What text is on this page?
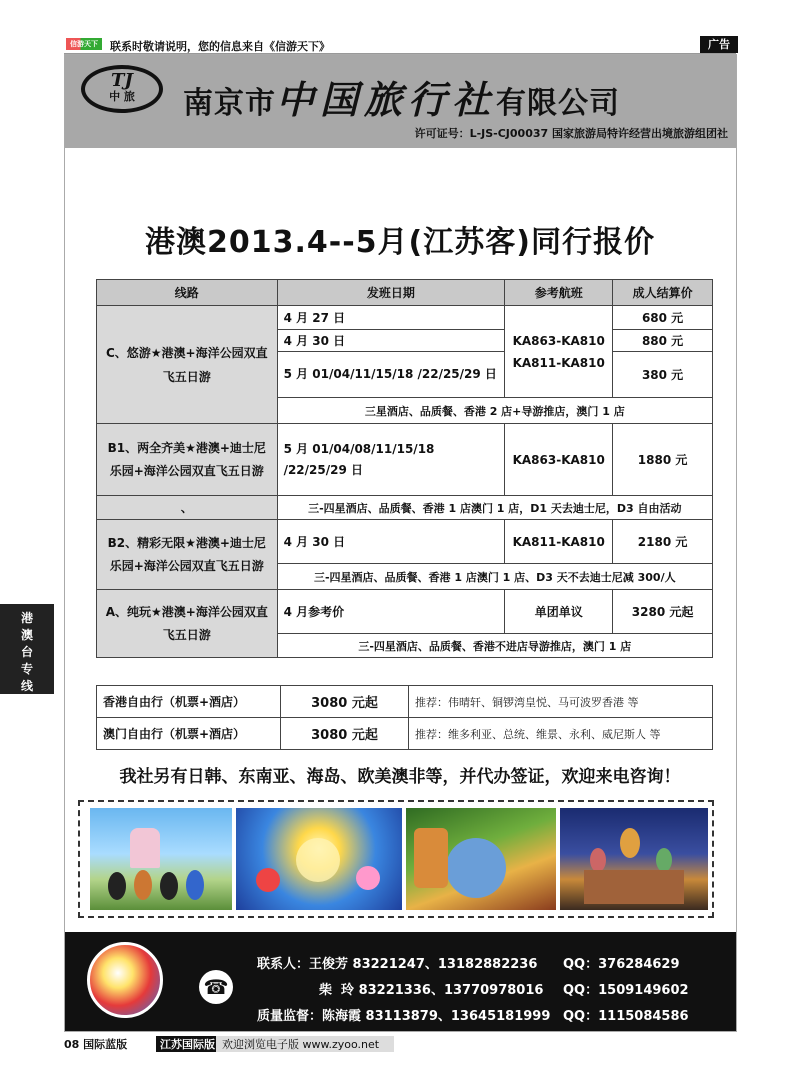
信游天下	联系时敬请说明，您的信息来自《信游天下》	广告
TJ
中 旅	南京市中国旅行社有限公司
许可证号：L-JS-CJ00037 国家旅游局特许经营出境旅游组团社
港澳2013.4--5月(江苏客)同行报价
线路	发班日期	参考航班	成人结算价
C、悠游★港澳+海洋公园双直飞五日游	4 月 27 日	KA863-KA810 KA811-KA810	680 元
	4 月 30 日		880 元
	5 月 01/04/11/15/18 /22/25/29 日		380 元
	三星酒店、品质餐、香港 2 店+导游推店，澳门 1 店		
B1、两全齐美★港澳+迪士尼乐园+海洋公园双直飞五日游	5 月 01/04/08/11/15/18 /22/25/29 日	KA863-KA810	1880 元
、	三-四星酒店、品质餐、香港 1 店澳门 1 店，D1 天去迪士尼，D3 自由活动		
B2、精彩无限★港澳+迪士尼乐园+海洋公园双直飞五日游	4 月 30 日	KA811-KA810	2180 元
	三-四星酒店、品质餐、香港 1 店澳门 1 店、D3 天不去迪士尼减 300/人		
A、纯玩★港澳+海洋公园双直飞五日游	4 月参考价	单团单议	3280 元起
	三-四星酒店、品质餐、香港不进店导游推店，澳门 1 店		
港澳台专线
香港自由行（机票+酒店）	3080 元起	推荐：伟晴轩、铜锣湾皇悦、马可波罗香港 等
澳门自由行（机票+酒店）	3080 元起	推荐：维多利亚、总统、维景、永利、威尼斯人 等
我社另有日韩、东南亚、海岛、欧美澳非等，并代办签证，欢迎来电咨询！
☎
联系人：王俊芳 83221247、13182882236 QQ：376284629
柴  玲 83221336、13770978016 QQ：1509149602
质量监督：陈海霞 83113879、13645181999 QQ：1115084586
08 国际蓝版	江苏国际版 欢迎浏览电子版 www.zyoo.net
